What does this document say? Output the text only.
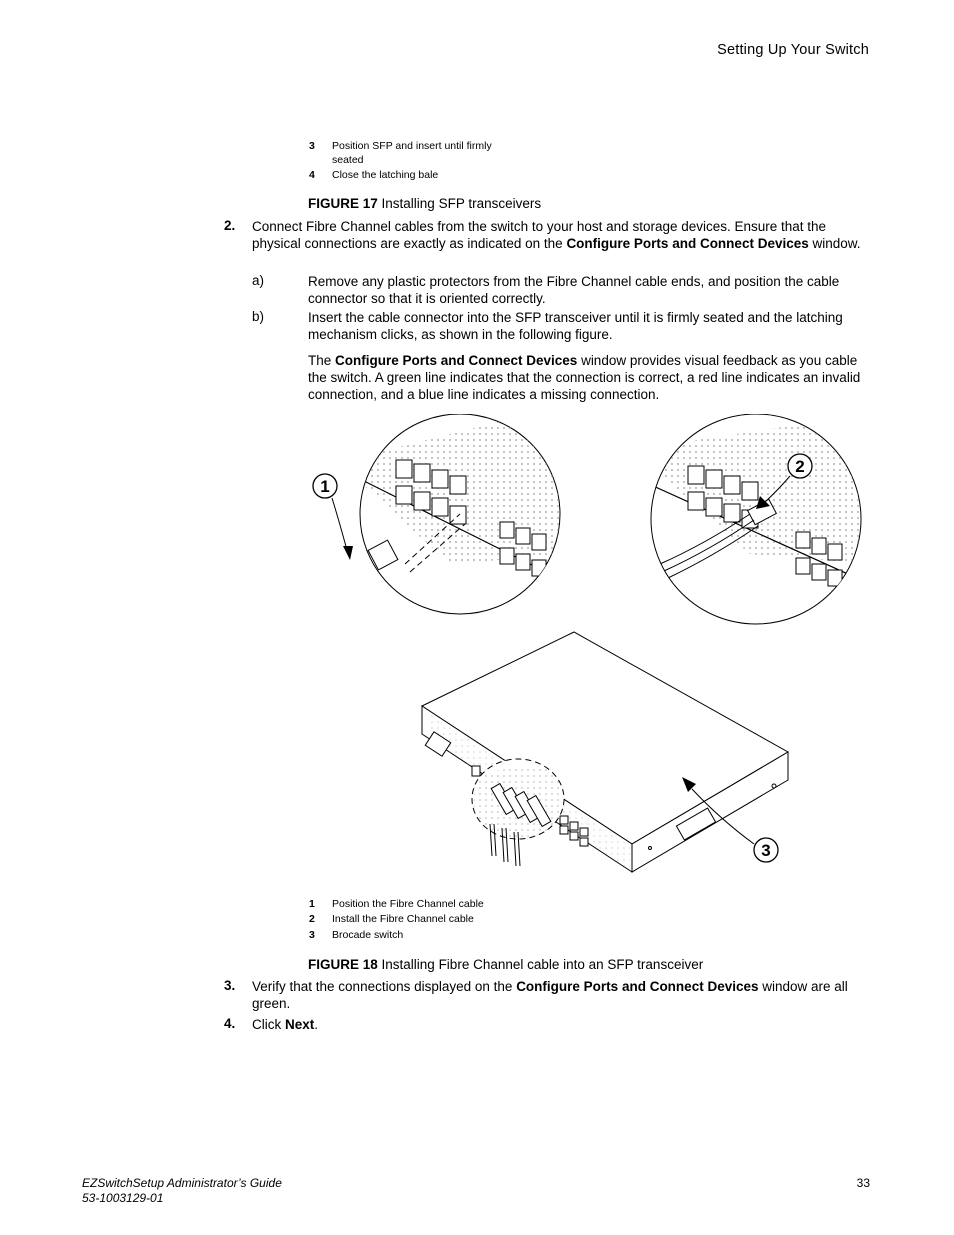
Setting Up Your Switch
3	Position SFP and insert until firmly seated
4	Close the latching bale
FIGURE 17 Installing SFP transceivers
2. Connect Fibre Channel cables from the switch to your host and storage devices. Ensure that the physical connections are exactly as indicated on the Configure Ports and Connect Devices window.
a)	Remove any plastic protectors from the Fibre Channel cable ends, and position the cable connector so that it is oriented correctly.
b)	Insert the cable connector into the SFP transceiver until it is firmly seated and the latching mechanism clicks, as shown in the following figure.
The Configure Ports and Connect Devices window provides visual feedback as you cable the switch. A green line indicates that the connection is correct, a red line indicates an invalid connection, and a blue line indicates a missing connection.
1
2
3
1	Position the Fibre Channel cable
2	Install the Fibre Channel cable
3	Brocade switch
FIGURE 18 Installing Fibre Channel cable into an SFP transceiver
3. Verify that the connections displayed on the Configure Ports and Connect Devices window are all green.
4. Click Next.
EZSwitchSetup Administrator’s Guide
53-1003129-01
33
